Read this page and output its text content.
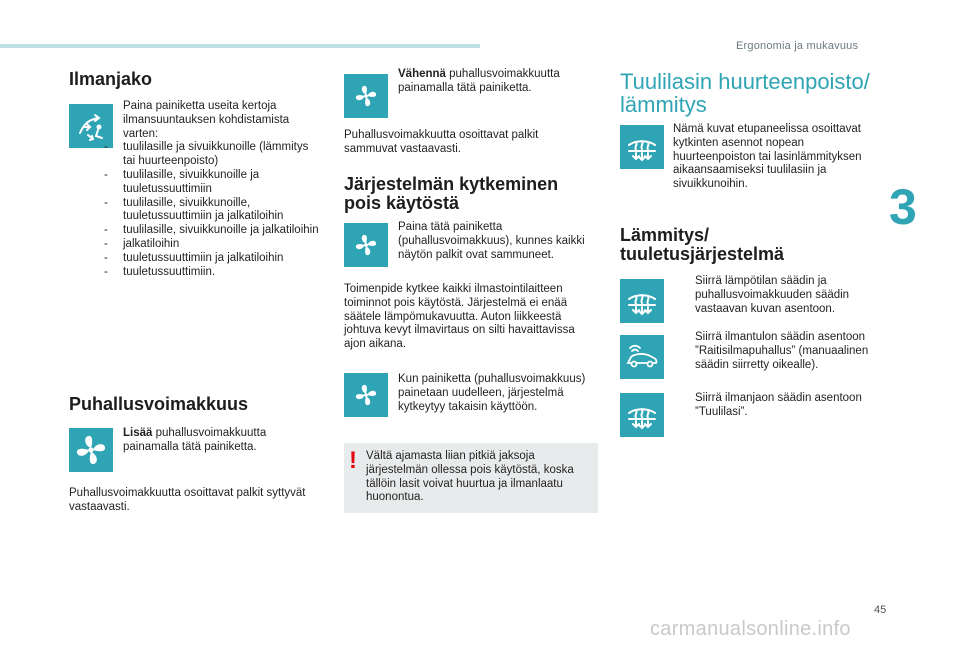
Ergonomia ja mukavuus
3
45
carmanualsonline.info
Ilmanjako
Paina painiketta useita kertoja ilmansuuntauksen kohdistamista varten:
- tuulilasille ja sivuikkunoille (lämmitys tai huurteenpoisto)
- tuulilasille, sivuikkunoille ja tuuletussuuttimiin
- tuulilasille, sivuikkunoille, tuuletussuuttimiin ja jalkatiloihin
- tuulilasille, sivuikkunoille ja jalkatiloihin
- jalkatiloihin
- tuuletussuuttimiin ja jalkatiloihin
- tuuletussuuttimiin.
Puhallusvoimakkuus
Lisää puhallusvoimakkuutta painamalla tätä painiketta.
Puhallusvoimakkuutta osoittavat palkit syttyvät vastaavasti.
Vähennä puhallusvoimakkuutta painamalla tätä painiketta.
Puhallusvoimakkuutta osoittavat palkit sammuvat vastaavasti.
Järjestelmän kytkeminen pois käytöstä
Paina tätä painiketta (puhallusvoimakkuus), kunnes kaikki näytön palkit ovat sammuneet.
Toimenpide kytkee kaikki ilmastointilaitteen toiminnot pois käytöstä. Järjestelmä ei enää säätele lämpömukavuutta. Auton liikkeestä johtuva kevyt ilmavirtaus on silti havaittavissa ajon aikana.
Kun painiketta (puhallusvoimakkuus) painetaan uudelleen, järjestelmä kytkeytyy takaisin käyttöön.
! Vältä ajamasta liian pitkiä jaksoja järjestelmän ollessa pois käytöstä, koska tällöin lasit voivat huurtua ja ilmanlaatu huonontua.
Tuulilasin huurteenpoisto/ lämmitys
Nämä kuvat etupaneelissa osoittavat kytkinten asennot nopean huurteenpoiston tai lasinlämmityksen aikaansaamiseksi tuulilasiin ja sivuikkunoihin.
Lämmitys/ tuuletusjärjestelmä
Siirrä lämpötilan säädin ja puhallusvoimakkuuden säädin vastaavan kuvan asentoon.
Siirrä ilmantulon säädin asentoon ”Raitisilmapuhallus” (manuaalinen säädin siirretty oikealle).
Siirrä ilmanjaon säädin asentoon ”Tuulilasi”.
